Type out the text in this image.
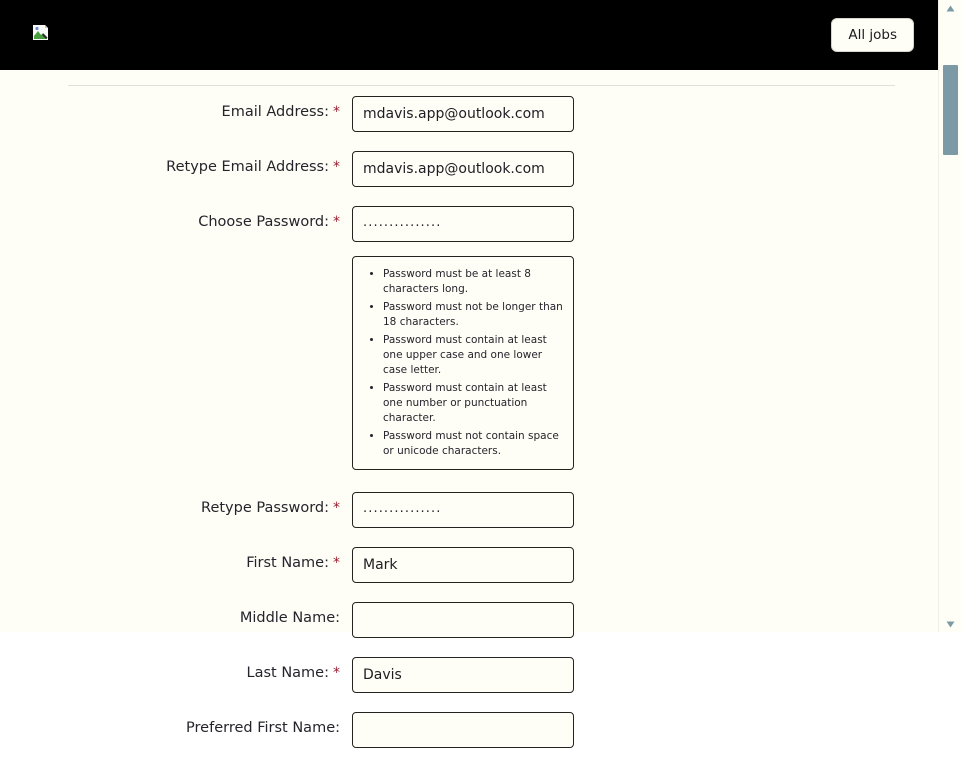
All jobs
Email Address: *
mdavis.app@outlook.com
Retype Email Address: *
mdavis.app@outlook.com
Choose Password: * ···············
• Password must be at least 8 characters long.
• Password must not be longer than 18 characters.
• Password must contain at least one upper case and one lower case letter.
• Password must contain at least one number or punctuation character.
• Password must not contain space or unicode characters.
Retype Password: * ···············
First Name: *
Mark
Middle Name:
Last Name: *
Davis
Preferred First Name:
